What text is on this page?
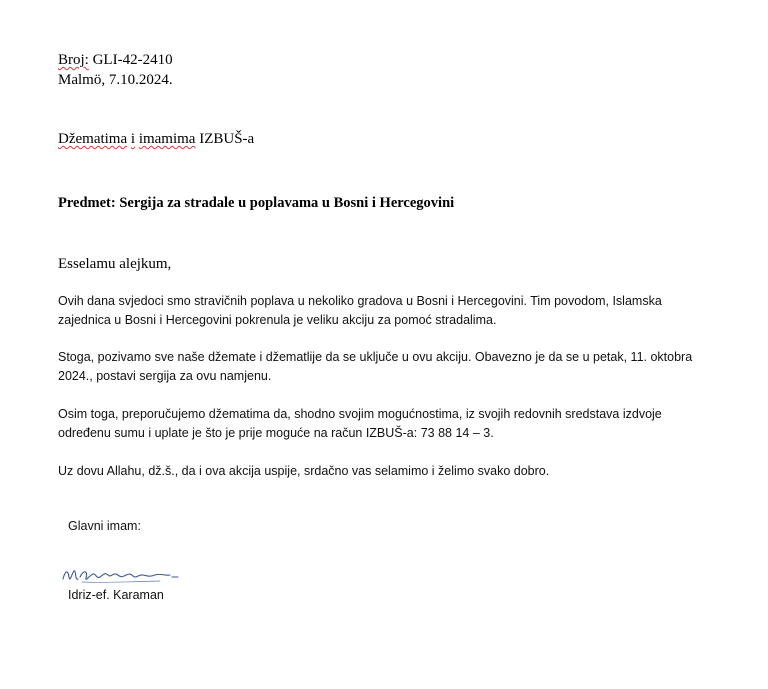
Broj: GLI-42-2410
Malmö, 7.10.2024.
Džematima i imamima IZBUŠ-a
Predmet: Sergija za stradale u poplavama u Bosni i Hercegovini
Esselamu alejkum,
Ovih dana svjedoci smo stravičnih poplava u nekoliko gradova u Bosni i Hercegovini. Tim povodom, Islamska
zajednica u Bosni i Hercegovini pokrenula je veliku akciju za pomoć stradalima.
Stoga, pozivamo sve naše džemate i džematlije da se uključe u ovu akciju. Obavezno je da se u petak, 11. oktobra
2024., postavi sergija za ovu namjenu.
Osim toga, preporučujemo džematima da, shodno svojim mogućnostima, iz svojih redovnih sredstava izdvoje
određenu sumu i uplate je što je prije moguće na račun IZBUŠ-a: 73 88 14 – 3.
Uz dovu Allahu, dž.š., da i ova akcija uspije, srdačno vas selamimo i želimo svako dobro.
Glavni imam:
Idriz-ef. Karaman
